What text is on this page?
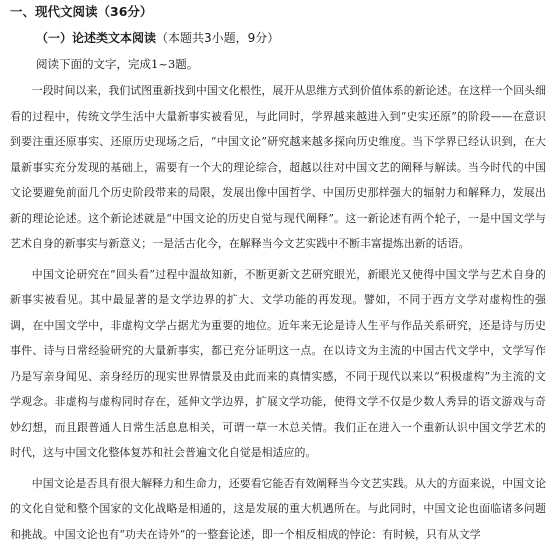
一、现代文阅读（36分）
（一）论述类文本阅读（本题共3小题，9分）
阅读下面的文字，完成1~3题。

一段时间以来，我们试图重新找到中国文化根性，展开从思维方式到价值体系的新论述。在这样一个回头细看的过程中，传统文学生活中大量新事实被看见，与此同时，学界越来越进入到“史实还原”的阶段——在意识到要注重还原事实、还原历史现场之后，“中国文论”研究越来越多探向历史维度。当下学界已经认识到，在大量新事实充分发现的基础上，需要有一个大的理论综合，超越以往对中国文艺的阐释与解读。当今时代的中国文论要避免前面几个历史阶段带来的局限，发展出像中国哲学、中国历史那样强大的辐射力和解释力，发展出新的理论论述。这个新论述就是“中国文论的历史自觉与现代阐释”。这一新论述有两个轮子，一是中国文学与艺术自身的新事实与新意义；一是活古化今，在解释当今文艺实践中不断丰富提炼出新的话语。

中国文论研究在“回头看”过程中温故知新，不断更新文艺研究眼光，新眼光又使得中国文学与艺术自身的新事实被看见。其中最显著的是文学边界的扩大、文学功能的再发现。譬如，不同于西方文学对虚构性的强调，在中国文学中，非虚构文学占据尤为重要的地位。近年来无论是诗人生平与作品关系研究，还是诗与历史事件、诗与日常经验研究的大量新事实，都已充分证明这一点。在以诗文为主流的中国古代文学中，文学写作乃是写亲身闻见、亲身经历的现实世界情景及由此而来的真情实感，不同于现代以来以“积极虚构”为主流的文学观念。非虚构与虚构同时存在，延伸文学边界，扩展文学功能，使得文学不仅是少数人秀异的语文游戏与奇妙幻想，而且跟普通人日常生活息息相关，可谓一草一木总关情。我们正在进入一个重新认识中国文学艺术的时代，这与中国文化整体复苏和社会普遍文化自觉是相适应的。

中国文论是否具有很大解释力和生命力，还要看它能否有效阐释当今文艺实践。从大的方面来说，中国文论的文化自觉和整个国家的文化战略是相通的，这是发展的重大机遇所在。与此同时，中国文论也面临诸多问题和挑战。中国文论也有“功夫在诗外”的一整套论述，即一个相反相成的悖论：有时候，只有从文学
